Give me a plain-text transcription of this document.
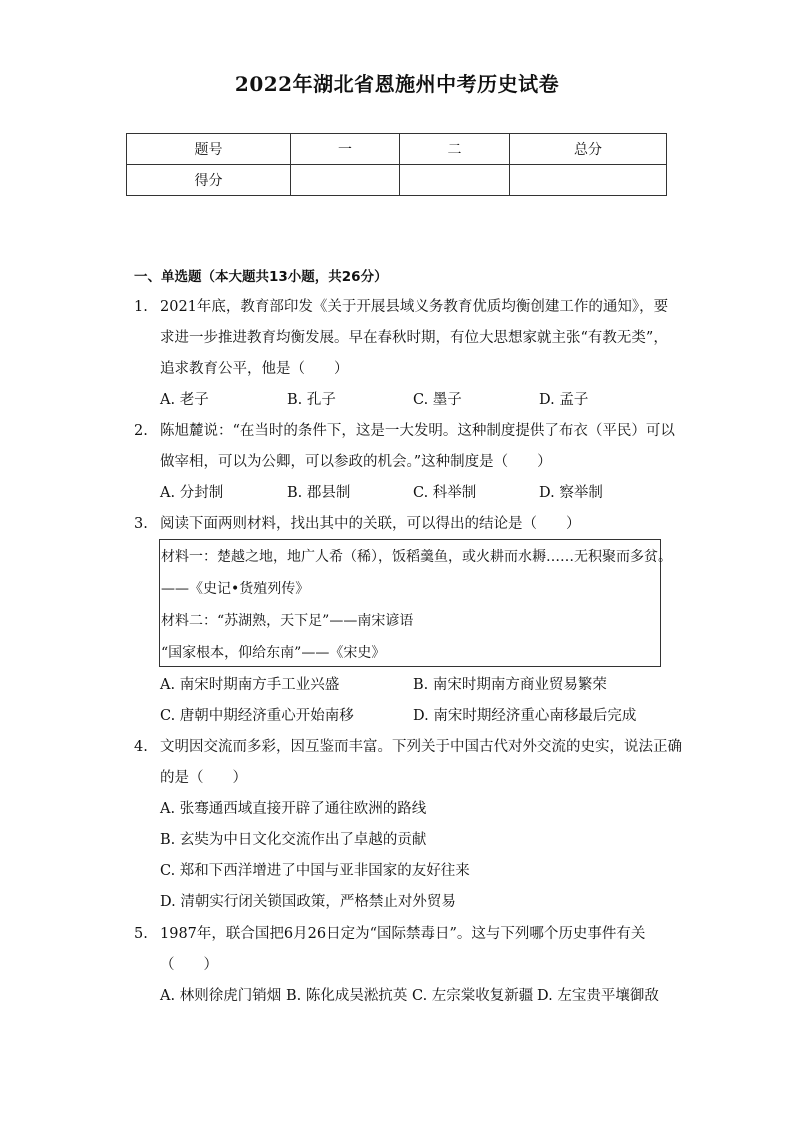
2022年湖北省恩施州中考历史试卷
题号	一	二	总分
得分			
一、单选题（本大题共13小题，共26分）
1. 2021年底，教育部印发《关于开展县域义务教育优质均衡创建工作的通知》，要
求进一步推进教育均衡发展。早在春秋时期，有位大思想家就主张“有教无类”，
追求教育公平，他是（　　）
A. 老子	B. 孔子	C. 墨子	D. 孟子
2. 陈旭麓说：“在当时的条件下，这是一大发明。这种制度提供了布衣（平民）可以
做宰相，可以为公卿，可以参政的机会。”这种制度是（　　）
A. 分封制	B. 郡县制	C. 科举制	D. 察举制
3. 阅读下面两则材料，找出其中的关联，可以得出的结论是（　　）
材料一：楚越之地，地广人希（稀），饭稻羹鱼，或火耕而水耨……无积聚而多贫。
——《史记•货殖列传》
材料二：“苏湖熟，天下足”——南宋谚语
“国家根本，仰给东南”——《宋史》
A. 南宋时期南方手工业兴盛	B. 南宋时期南方商业贸易繁荣
C. 唐朝中期经济重心开始南移	D. 南宋时期经济重心南移最后完成
4. 文明因交流而多彩，因互鉴而丰富。下列关于中国古代对外交流的史实，说法正确
的是（　　）
A. 张骞通西域直接开辟了通往欧洲的路线
B. 玄奘为中日文化交流作出了卓越的贡献
C. 郑和下西洋增进了中国与亚非国家的友好往来
D. 清朝实行闭关锁国政策，严格禁止对外贸易
5. 1987年，联合国把6月26日定为“国际禁毒日”。这与下列哪个历史事件有关
（　　）
A. 林则徐虎门销烟 B. 陈化成吴淞抗英 C. 左宗棠收复新疆 D. 左宝贵平壤御敌
